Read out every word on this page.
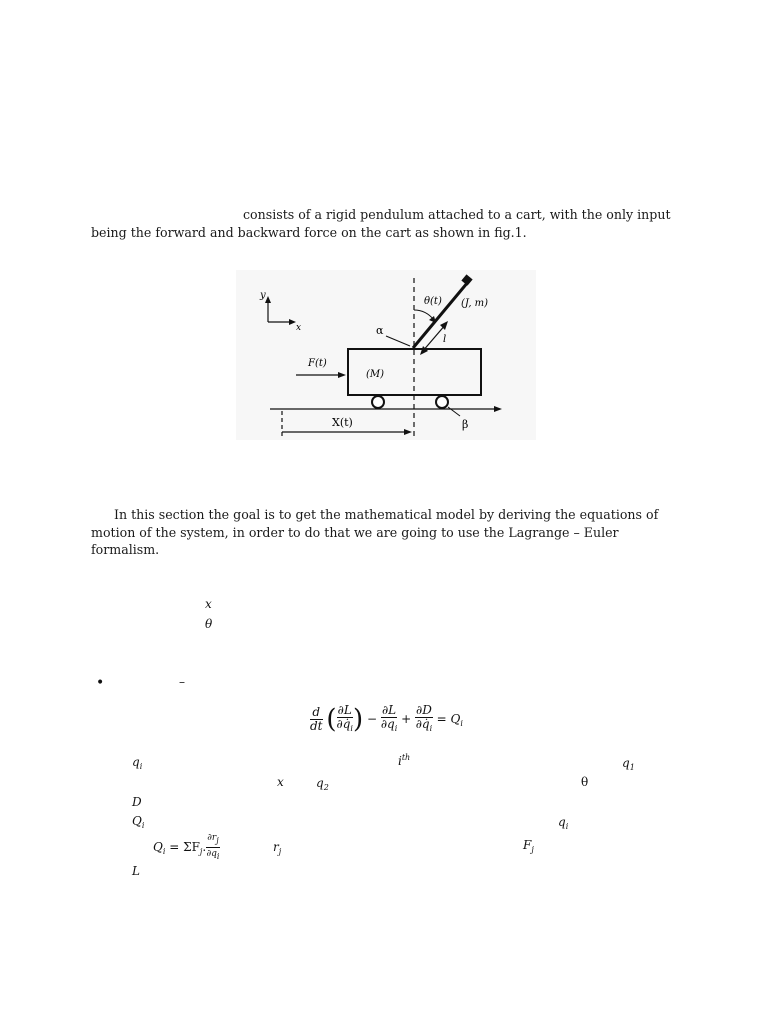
consists of a rigid pendulum attached to a cart, with the only input
being the forward and backward force on the cart as shown in fig.1.
y
x
θ(t) (J, m)
α
l
F(t)
(M)
X(t)	β
In this section the goal is to get the mathematical model by deriving the equations of
motion of the system, in order to do that we are going to use the Lagrange – Euler
formalism.
x
θ
•	–
$\frac{d}{dt}$ ( $\frac{\partial L}{\partial q̇_i}$ ) − $\frac{\partial L}{\partial q_i} + \frac{\partial D}{\partial q̇_i} = Q_i$
$q_i$	$i^{th}$	$q_1$
x	$q_2$	θ
D
$Q_i$	$q_i$
$Q_i = \Sigma F_j$. $\frac{\partial rj}{\partial qi}$	$r_j$	$F_j$
L
